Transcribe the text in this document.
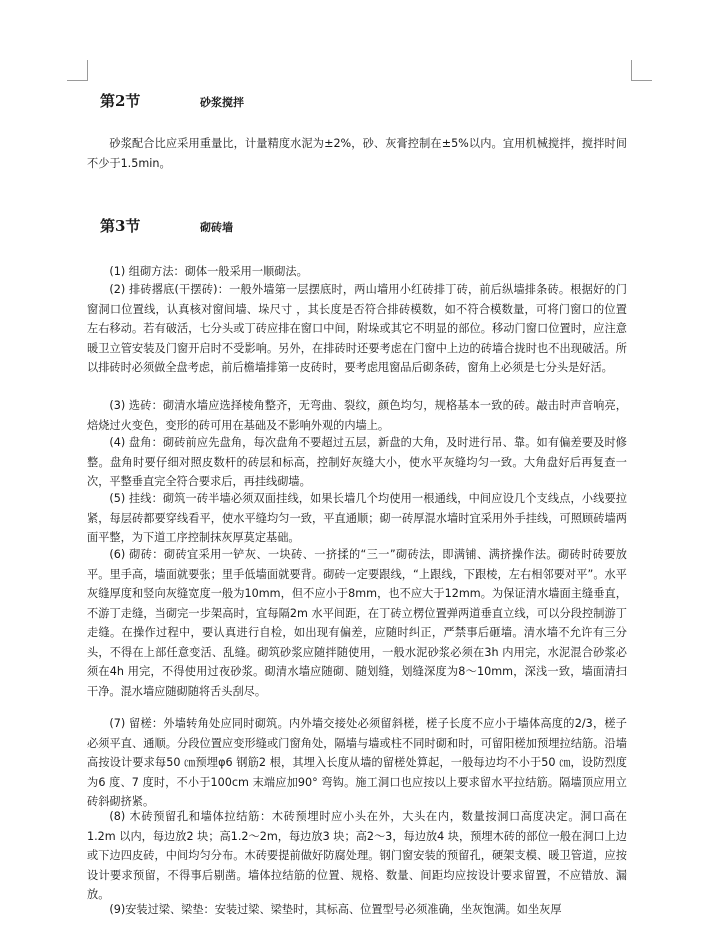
第2节	砂浆搅拌

砂浆配合比应采用重量比，计量精度水泥为±2%，砂、灰膏控制在±5%以内。宜用机械搅拌，搅拌时间不少于1.5min。

第3节	砌砖墙

(1) 组砌方法：砌体一般采用一顺砌法。

(2) 排砖撂底(干摆砖)：一般外墙第一层摆底时，两山墙用小红砖排丁砖，前后纵墙排条砖。根据好的门窗洞口位置线，认真核对窗间墙、垛尺寸 ，其长度是否符合排砖模数，如不符合模数量，可将门窗口的位置左右移动。若有破活，七分头或丁砖应排在窗口中间，附垛或其它不明显的部位。移动门窗口位置时，应注意暖卫立管安装及门窗开启时不受影响。另外，在排砖时还要考虑在门窗中上边的砖墙合拢时也不出现破活。所以排砖时必须做全盘考虑，前后檐墙排第一皮砖时，要考虑甩窗品后砌条砖，窗角上必须是七分头是好活。

(3) 选砖：砌清水墙应选择棱角整齐，无弯曲、裂纹，颜色均匀，规格基本一致的砖。敲击时声音响亮，焙烧过火变色，变形的砖可用在基础及不影响外观的内墙上。

(4) 盘角：砌砖前应先盘角，每次盘角不要超过五层，新盘的大角，及时进行吊、靠。如有偏差要及时修整。盘角时要仔细对照皮数杆的砖层和标高，控制好灰缝大小，使水平灰缝均匀一致。大角盘好后再复查一次，平整垂直完全符合要求后，再挂线砌墙。

(5) 挂线：砌筑一砖半墙必须双面挂线，如果长墙几个均使用一根通线，中间应设几个支线点，小线要拉紧，每层砖都要穿线看平，使水平缝均匀一致，平直通顺；砌一砖厚混水墙时宜采用外手挂线，可照顾砖墙两面平整，为下道工序控制抹灰厚莫定基础。

(6) 砌砖：砌砖宜采用一铲灰、一块砖、一挤揉的“三一”砌砖法，即满铺、满挤操作法。砌砖时砖要放平。里手高，墙面就要张；里手低墙面就要背。砌砖一定要跟线，“上跟线，下跟棱，左右相邻要对平”。水平灰缝厚度和竖向灰缝宽度一般为10mm，但不应小于8mm，也不应大于12mm。为保证清水墙面主缝垂直，不游丁走缝，当砌完一步架高时，宜每隔2m 水平间距，在丁砖立楞位置弹两道垂直立线，可以分段控制游丁走缝。在操作过程中，要认真进行自检，如出现有偏差，应随时纠正，严禁事后砸墙。清水墙不允许有三分头，不得在上部任意变活、乱缝。砌筑砂浆应随拌随使用，一般水泥砂浆必须在3h 内用完，水泥混合砂浆必须在4h 用完，不得使用过夜砂浆。砌清水墙应随砌、随划缝，划缝深度为8～10mm，深浅一致，墙面清扫干净。混水墙应随砌随将舌头刮尽。

(7) 留槎：外墙转角处应同时砌筑。内外墙交接处必须留斜槎，槎子长度不应小于墙体高度的2/3，槎子必须平直、通顺。分段位置应变形缝或门窗角处，隔墙与墙或柱不同时砌和时，可留阳槎加预埋拉结筋。沿墙高按设计要求每50 ㎝预埋φ6 钢筋2 根，其埋入长度从墙的留槎处算起，一般每边均不小于50 ㎝，设防烈度为6 度、7 度时，不小于100cm 末端应加90° 弯钩。施工洞口也应按以上要求留水平拉结筋。隔墙顶应用立砖斜砌挤紧。

(8) 木砖预留孔和墙体拉结筋：木砖预埋时应小头在外，大头在内，数量按洞口高度决定。洞口高在1.2m 以内，每边放2 块；高1.2～2m，每边放3 块；高2～3，每边放4 块，预埋木砖的部位一般在洞口上边或下边四皮砖，中间均匀分布。木砖要提前做好防腐处理。钢门窗安装的预留孔，硬架支模、暖卫管道，应按设计要求预留，不得事后剔凿。墙体拉结筋的位置、规格、数量、间距均应按设计要求留置，不应错放、漏放。

(9)安装过梁、梁垫：安装过梁、梁垫时，其标高、位置型号必须准确，坐灰饱满。如坐灰厚
